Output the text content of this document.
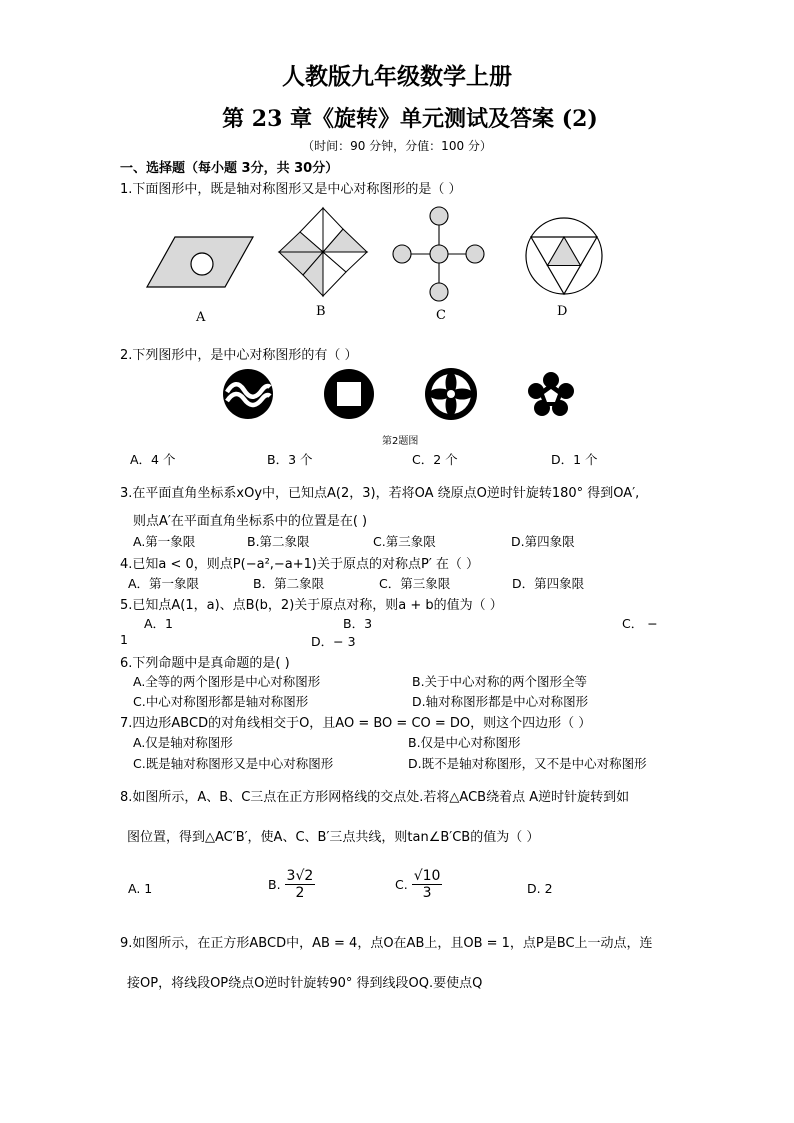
人教版九年级数学上册
第 23 章《旋转》单元测试及答案 (2)
（时间：90 分钟，分值：100 分）
一、选择题（每小题 3分，共 30分）
1.下面图形中，既是轴对称图形又是中心对称图形的是（ ）
A	B	C	D
2.下列图形中，是中心对称图形的有（ ）
第2题图
A．4 个	B．3 个	C．2 个	D．1 个
3.在平面直角坐标系xOy中，已知点A(2，3)，若将OA 绕原点O逆时针旋转180° 得到OA′,
则点A′在平面直角坐标系中的位置是在( )
A.第一象限	B.第二象限	C.第三象限	D.第四象限
4.已知a < 0，则点P(−a²,−a+1)关于原点的对称点P′ 在（ ）
A．第一象限	B．第二象限	C．第三象限	D．第四象限
5.已知点A(1，a)、点B(b，2)关于原点对称，则a + b的值为（ ）
A．1	B．3	C． −
1	D．− 3
6.下列命题中是真命题的是( )
A.全等的两个图形是中心对称图形	B.关于中心对称的两个图形全等
C.中心对称图形都是轴对称图形	D.轴对称图形都是中心对称图形
7.四边形ABCD的对角线相交于O，且AO = BO = CO = DO，则这个四边形（ ）
A.仅是轴对称图形	B.仅是中心对称图形
C.既是轴对称图形又是中心对称图形	D.既不是轴对称图形，又不是中心对称图形
8.如图所示，A、B、C三点在正方形网格线的交点处.若将△ACB绕着点 A逆时针旋转到如
图位置，得到△AC′B′，使A、C、B′三点共线，则tan∠B′CB的值为（ ）
A. 1	B. $\frac{3√2}{2}$	C. $\frac{√10}{3}$	D. 2
9.如图所示，在正方形ABCD中，AB = 4，点O在AB上，且OB = 1，点P是BC上一动点，连
接OP，将线段OP绕点O逆时针旋转90° 得到线段OQ.要使点Q
